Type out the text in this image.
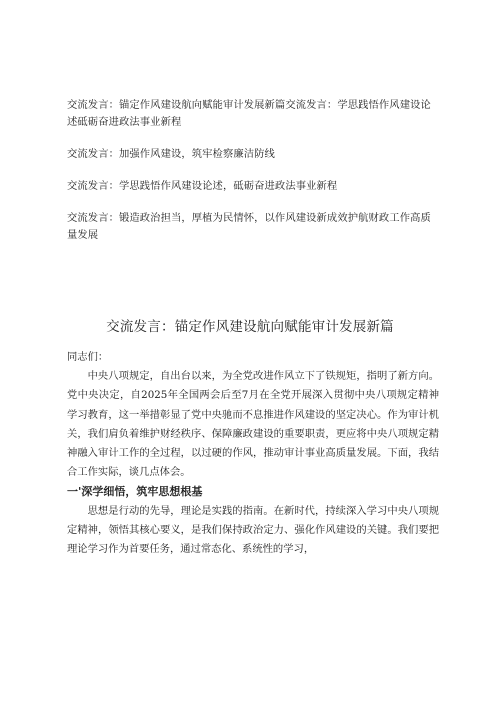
交流发言：锚定作风建设航向赋能审计发展新篇交流发言：学思践悟作风建设论述砥砺奋进政法事业新程

交流发言：加强作风建设，筑牢检察廉洁防线

交流发言：学思践悟作风建设论述，砥砺奋进政法事业新程

交流发言：锻造政治担当，厚植为民情怀，以作风建设新成效护航财政工作高质量发展

交流发言：锚定作风建设航向赋能审计发展新篇

同志们：

中央八项规定，自出台以来，为全党改进作风立下了铁规矩，指明了新方向。党中央决定，自2025年全国两会后至7月在全党开展深入贯彻中央八项规定精神学习教育，这一举措彰显了党中央驰而不息推进作风建设的坚定决心。作为审计机关，我们肩负着维护财经秩序、保障廉政建设的重要职责，更应将中央八项规定精神融入审计工作的全过程，以过硬的作风，推动审计事业高质量发展。下面，我结合工作实际，谈几点体会。

一'深学细悟，筑牢思想根基

思想是行动的先导，理论是实践的指南。在新时代，持续深入学习中央八项规定精神，领悟其核心要义，是我们保持政治定力、强化作风建设的关键。我们要把理论学习作为首要任务，通过常态化、系统性的学习，
